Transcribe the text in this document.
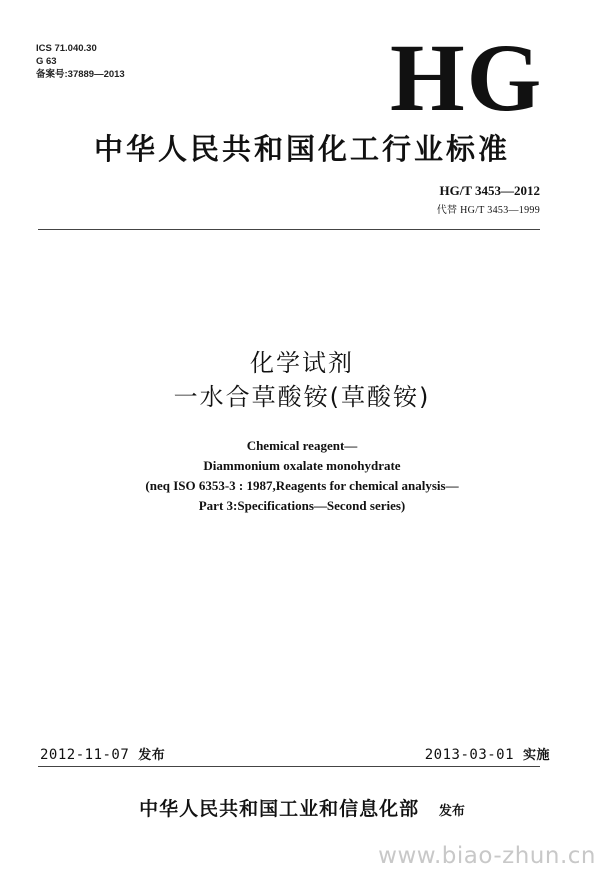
ICS 71.040.30
G 63
备案号:37889—2013	HG
中华人民共和国化工行业标准
HG/T 3453—2012
代替 HG/T 3453—1999
化学试剂
一水合草酸铵(草酸铵)
Chemical reagent—
Diammonium oxalate monohydrate
(neq ISO 6353-3 : 1987,Reagents for chemical analysis—
Part 3:Specifications—Second series)
2012-11-07 发布	2013-03-01 实施
中华人民共和国工业和信息化部 发布
www.biao-zhun.cn
